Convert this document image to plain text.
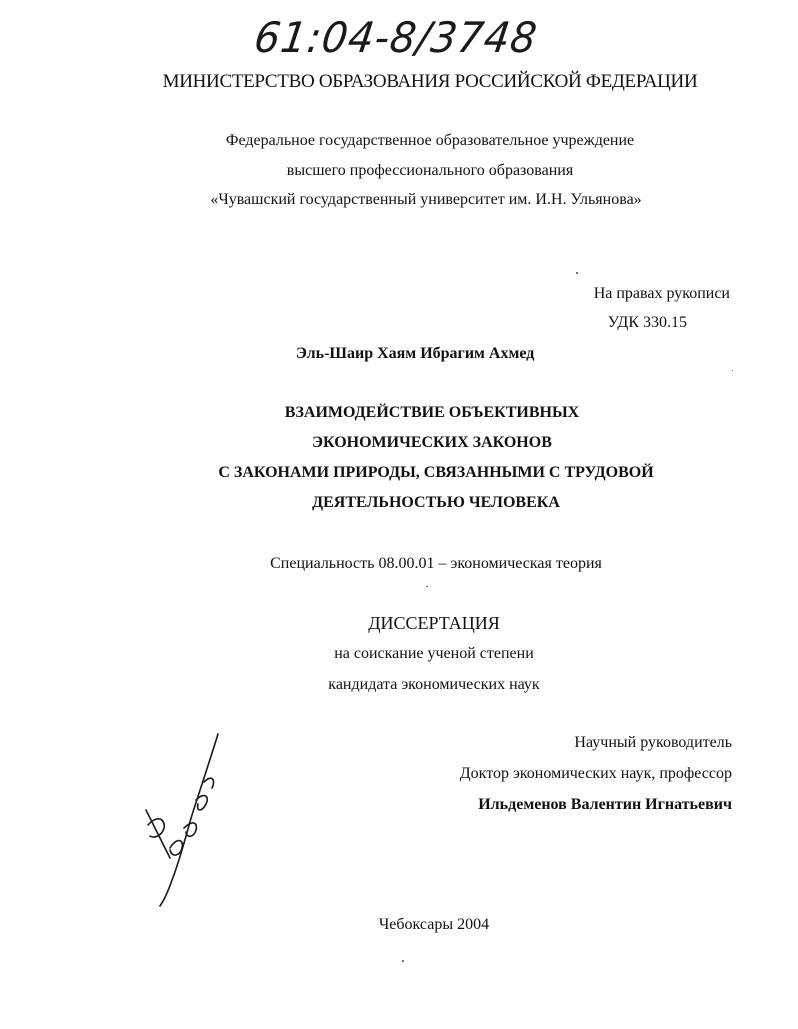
61:04-8/3748
МИНИСТЕРСТВО ОБРАЗОВАНИЯ РОССИЙСКОЙ ФЕДЕРАЦИИ
Федеральное государственное образовательное учреждение
высшего профессионального образования
«Чувашский государственный университет им. И.Н. Ульянова»
На правах рукописи
УДК 330.15
Эль-Шаир Хаям Ибрагим Ахмед
ВЗАИМОДЕЙСТВИЕ ОБЪЕКТИВНЫХ
ЭКОНОМИЧЕСКИХ ЗАКОНОВ
С ЗАКОНАМИ ПРИРОДЫ, СВЯЗАННЫМИ С ТРУДОВОЙ
ДЕЯТЕЛЬНОСТЬЮ ЧЕЛОВЕКА
Специальность 08.00.01 – экономическая теория
ДИССЕРТАЦИЯ
на соискание ученой степени
кандидата экономических наук
Научный руководитель
Доктор экономических наук, профессор
Ильдеменов Валентин Игнатьевич
Чебоксары 2004
